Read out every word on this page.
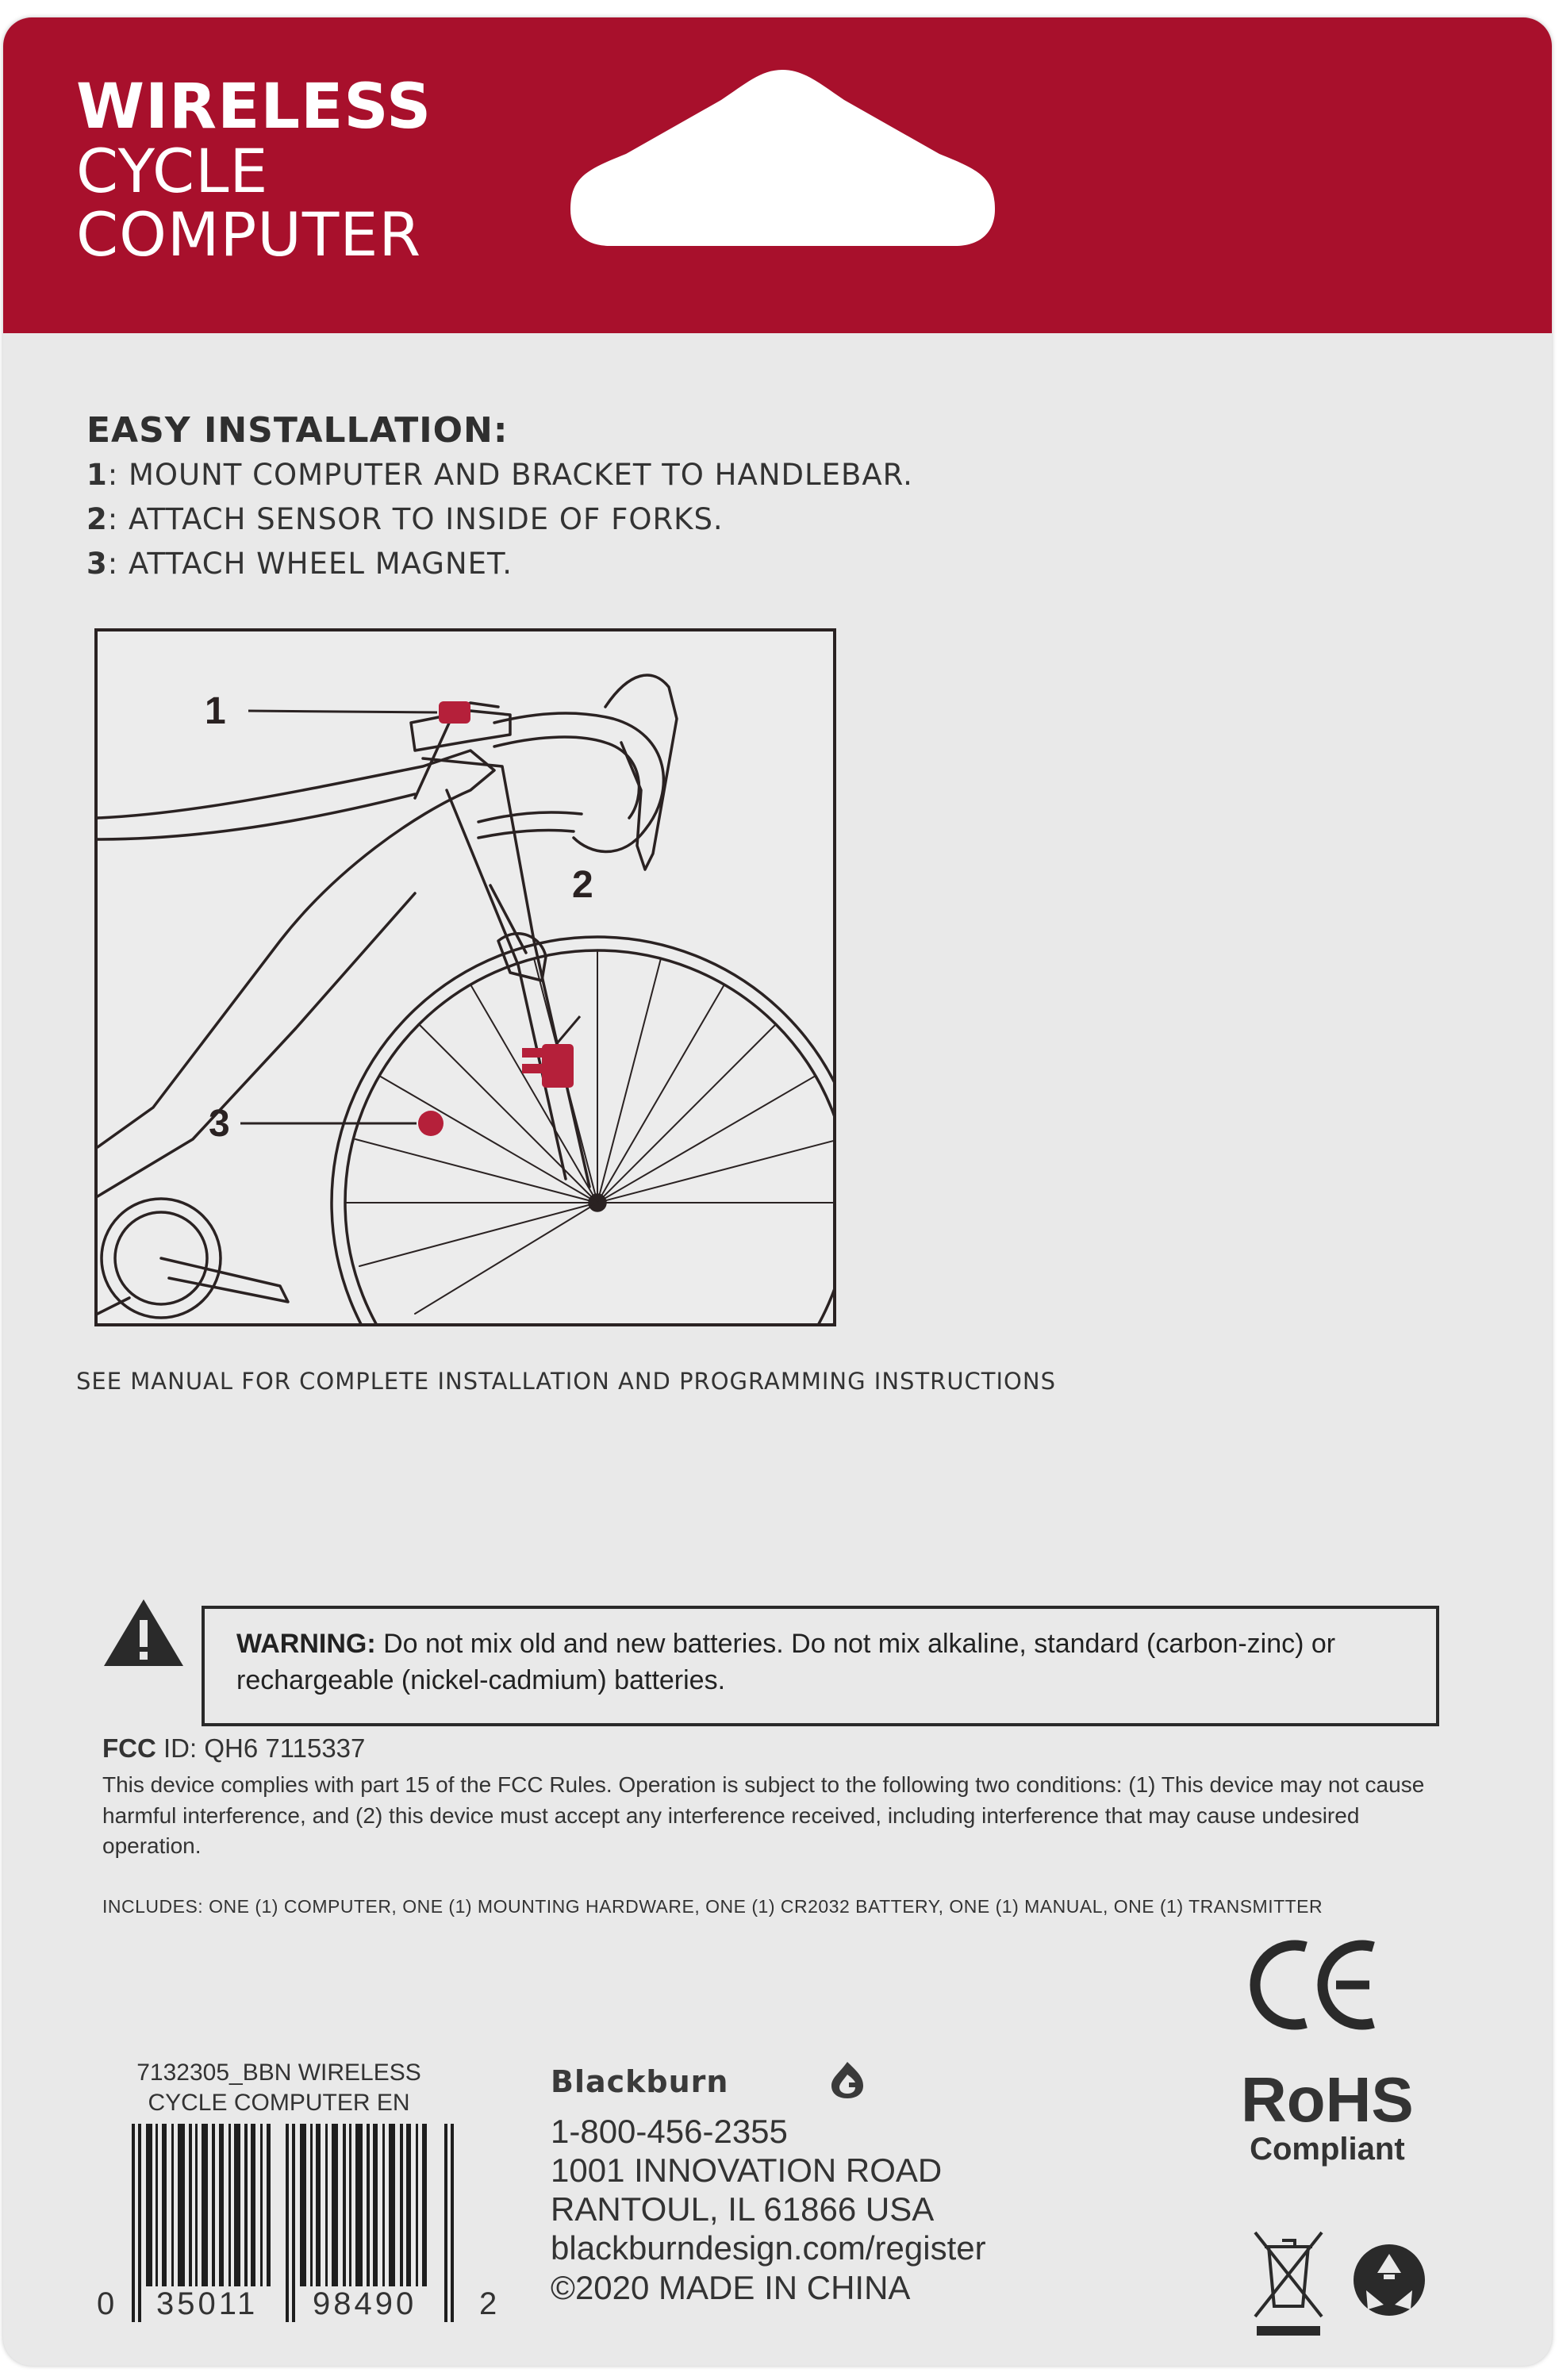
WIRELESS
CYCLE
COMPUTER
EASY INSTALLATION:
1: MOUNT COMPUTER AND BRACKET TO HANDLEBAR.
2: ATTACH SENSOR TO INSIDE OF FORKS.
3: ATTACH WHEEL MAGNET.
1
2
3
SEE MANUAL FOR COMPLETE INSTALLATION AND PROGRAMMING INSTRUCTIONS
WARNING: Do not mix old and new batteries. Do not mix alkaline, standard (carbon-zinc) or rechargeable (nickel-cadmium) batteries.
FCC ID: QH6 7115337
This device complies with part 15 of the FCC Rules. Operation is subject to the following two conditions: (1) This device may not cause harmful interference, and (2) this device must accept any interference received, including interference that may cause undesired operation.
INCLUDES: ONE (1) COMPUTER, ONE (1) MOUNTING HARDWARE, ONE (1) CR2032 BATTERY, ONE (1) MANUAL, ONE (1) TRANSMITTER
RoHS
Compliant
7132305_BBN WIRELESS
CYCLE COMPUTER EN
0 35011 98490 2
Blackburn
1-800-456-2355
1001 INNOVATION ROAD
RANTOUL, IL 61866 USA
blackburndesign.com/register
©2020 MADE IN CHINA
